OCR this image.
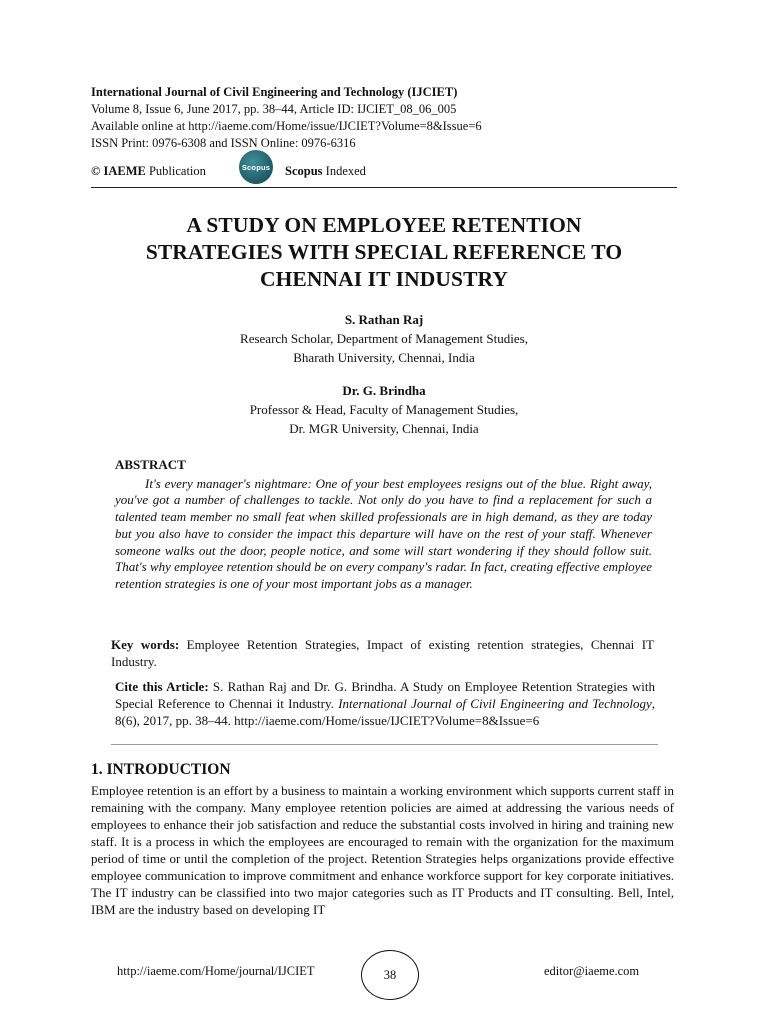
International Journal of Civil Engineering and Technology (IJCIET)
Volume 8, Issue 6, June 2017, pp. 38–44, Article ID: IJCIET_08_06_005
Available online at http://iaeme.com/Home/issue/IJCIET?Volume=8&Issue=6
ISSN Print: 0976-6308 and ISSN Online: 0976-6316
© IAEME Publication	Scopus Scopus Indexed
A STUDY ON EMPLOYEE RETENTION
STRATEGIES WITH SPECIAL REFERENCE TO
CHENNAI IT INDUSTRY
S. Rathan Raj
Research Scholar, Department of Management Studies,
Bharath University, Chennai, India
Dr. G. Brindha
Professor & Head, Faculty of Management Studies,
Dr. MGR University, Chennai, India
ABSTRACT
It's every manager's nightmare: One of your best employees resigns out of the blue. Right away, you've got a number of challenges to tackle. Not only do you have to find a replacement for such a talented team member no small feat when skilled professionals are in high demand, as they are today but you also have to consider the impact this departure will have on the rest of your staff. Whenever someone walks out the door, people notice, and some will start wondering if they should follow suit. That's why employee retention should be on every company's radar. In fact, creating effective employee retention strategies is one of your most important jobs as a manager.
Key words: Employee Retention Strategies, Impact of existing retention strategies, Chennai IT Industry.
Cite this Article: S. Rathan Raj and Dr. G. Brindha. A Study on Employee Retention Strategies with Special Reference to Chennai it Industry. International Journal of Civil Engineering and Technology, 8(6), 2017, pp. 38–44. http://iaeme.com/Home/issue/IJCIET?Volume=8&Issue=6
1. INTRODUCTION
Employee retention is an effort by a business to maintain a working environment which supports current staff in remaining with the company. Many employee retention policies are aimed at addressing the various needs of employees to enhance their job satisfaction and reduce the substantial costs involved in hiring and training new staff. It is a process in which the employees are encouraged to remain with the organization for the maximum period of time or until the completion of the project. Retention Strategies helps organizations provide effective employee communication to improve commitment and enhance workforce support for key corporate initiatives. The IT industry can be classified into two major categories such as IT Products and IT consulting. Bell, Intel, IBM are the industry based on developing IT
http://iaeme.com/Home/journal/IJCIET	38	editor@iaeme.com
